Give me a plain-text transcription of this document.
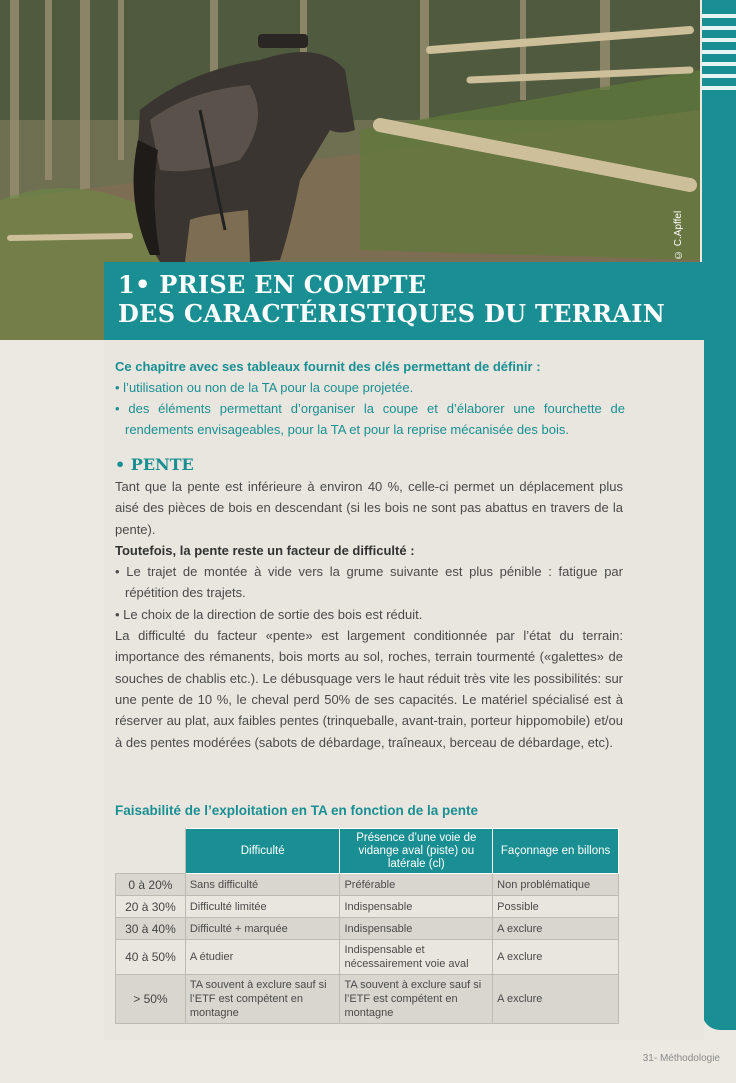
© C.Apffel
1• PRISE EN COMPTE
DES CARACTÉRISTIQUES DU TERRAIN
Ce chapitre avec ses tableaux fournit des clés permettant de définir :
• l’utilisation ou non de la TA pour la coupe projetée.
• des éléments permettant d’organiser la coupe et d’élaborer une fourchette de rendements envisageables, pour la TA et pour la reprise mécanisée des bois.
• PENTE
Tant que la pente est inférieure à environ 40 %, celle-ci permet un déplacement plus aisé des pièces de bois en descendant (si les bois ne sont pas abattus en travers de la pente).
Toutefois, la pente reste un facteur de difficulté :
• Le trajet de montée à vide vers la grume suivante est plus pénible : fatigue par répétition des trajets.
• Le choix de la direction de sortie des bois est réduit.
La difficulté du facteur «pente» est largement conditionnée par l’état du terrain: importance des rémanents, bois morts au sol, roches, terrain tourmenté («galettes» de souches de chablis etc.). Le débusquage vers le haut réduit très vite les possibilités: sur une pente de 10 %, le cheval perd 50% de ses capacités. Le matériel spécialisé est à réserver au plat, aux faibles pentes (trinqueballe, avant-train, porteur hippomobile) et/ou à des pentes modérées (sabots de débardage, traîneaux, berceau de débardage, etc).
Faisabilité de l’exploitation en TA en fonction de la pente
	Difficulté	Présence d’une voie de vidange aval (piste) ou latérale (cl)	Façonnage en billons
0 à 20%	Sans difficulté	Préférable	Non problématique
20 à 30%	Difficulté limitée	Indispensable	Possible
30 à 40%	Difficulté + marquée	Indispensable	A exclure
40 à 50%	A étudier	Indispensable et nécessairement voie aval	A exclure
> 50%	TA souvent à exclure sauf si l’ETF est compétent en montagne	TA souvent à exclure sauf si l’ETF est compétent en montagne	A exclure
31- Méthodologie
